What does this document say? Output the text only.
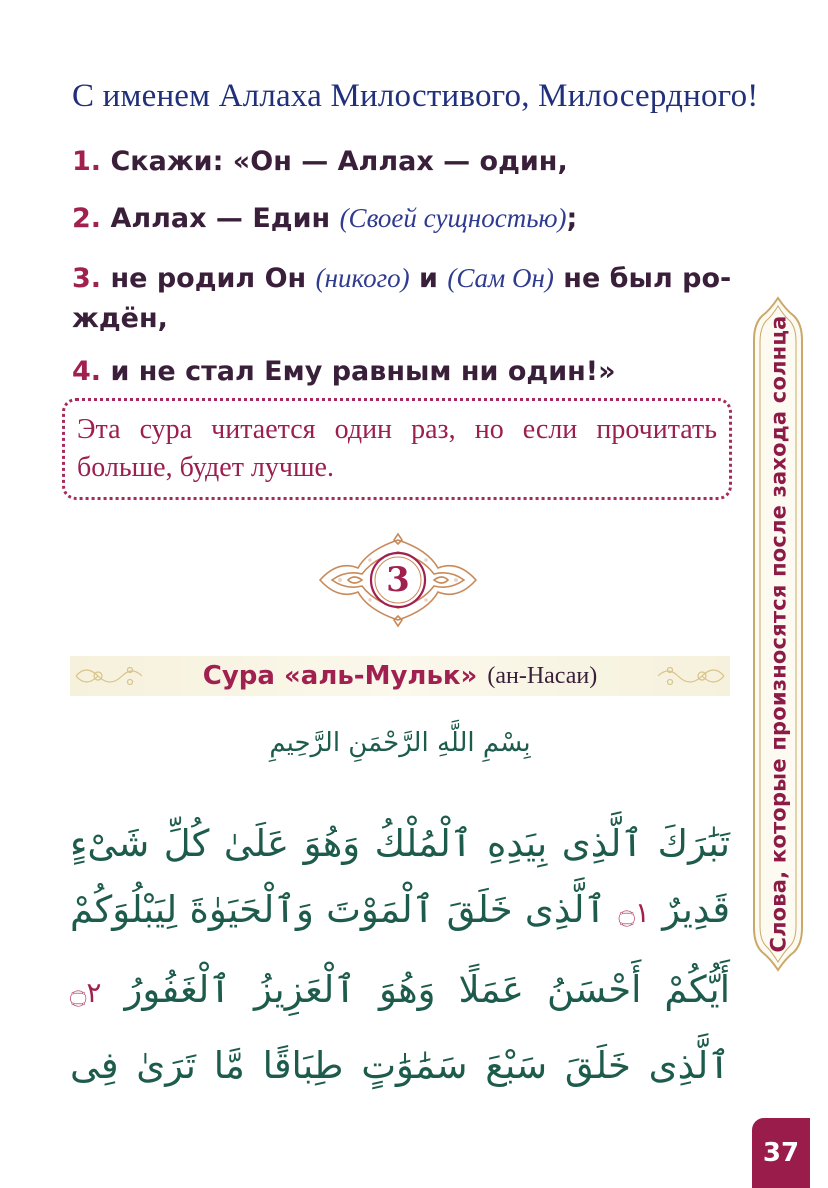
С именем Аллаха Милостивого, Милосердного!
1. Скажи: «Он — Аллах — один,
2. Аллах — Един (Своей сущностью);
3. не родил Он (никого) и (Сам Он) не был ро-ждён,
4. и не стал Ему равным ни один!»
Эта сура читается один раз, но если прочитать больше, будет лучше.
3
Сура «аль-Мульк» (ан-Насаи)
بِسْمِ اللَّهِ الرَّحْمَنِ الرَّحِيمِ
تَبَٰرَكَ ٱلَّذِى بِيَدِهِ ٱلْمُلْكُ وَهُوَ عَلَىٰ كُلِّ شَىْءٍ
قَدِيرٌ ۝١ ٱلَّذِى خَلَقَ ٱلْمَوْتَ وَٱلْحَيَوٰةَ لِيَبْلُوَكُمْ
أَيُّكُمْ أَحْسَنُ عَمَلًا وَهُوَ ٱلْعَزِيزُ ٱلْغَفُورُ ۝٢
ٱلَّذِى خَلَقَ سَبْعَ سَمَٰوَٰتٍ طِبَاقًا مَّا تَرَىٰ فِى
Слова, которые произносятся после захода солнца
37
